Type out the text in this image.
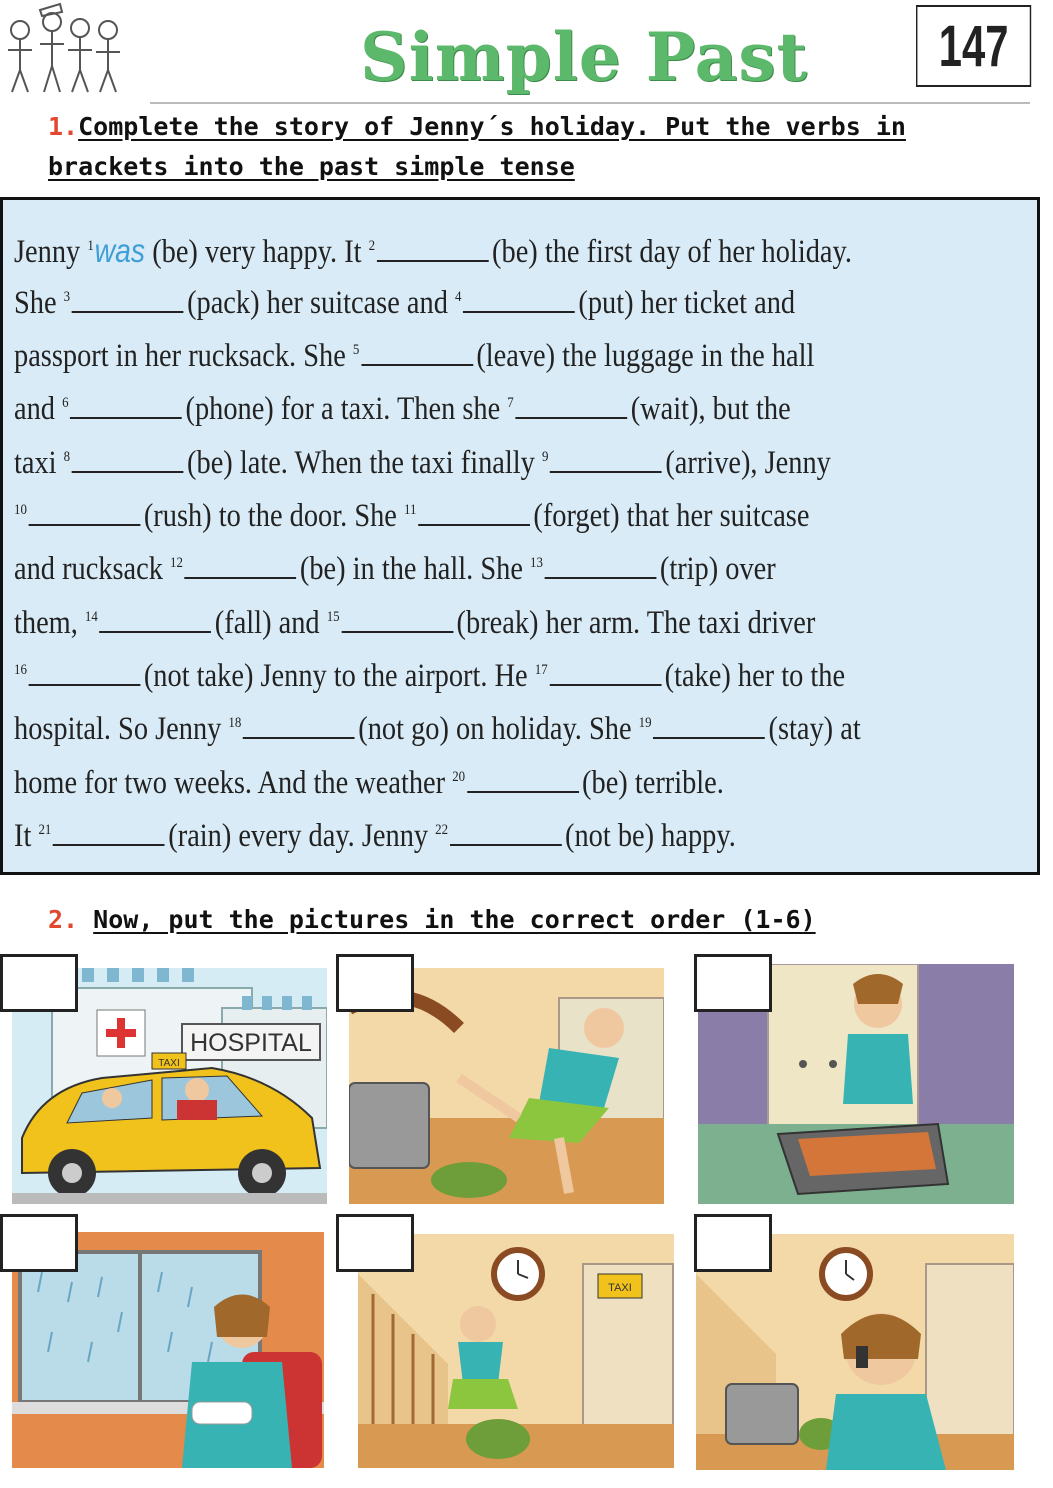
Simple Past 147
1.Complete the story of Jenny´s holiday. Put the verbs in
brackets into the past simple tense
2. Now, put the pictures in the correct order (1-6)
HOSPITAL
TAXI
TAXI
Jenny $^1$was (be) very happy. It $^2$	(be) the first day of her holiday.
She $^3$	(pack) her suitcase and $^4$	(put) her ticket and
passport in her rucksack. She $^5$	(leave) the luggage in the hall
and $^6$	(phone) for a taxi. Then she $^7$	(wait), but the
taxi $^8$	(be) late. When the taxi finally $^9$	(arrive), Jenny
$^{10}$	(rush) to the door. She $^{11}$	(forget) that her suitcase
and rucksack $^{12}$	(be) in the hall. She $^{13}$	(trip) over
them, $^{14}$	(fall) and $^{15}$	(break) her arm. The taxi driver
$^{16}$	(not take) Jenny to the airport. He $^{17}$	(take) her to the
hospital. So Jenny $^{18}$	(not go) on holiday. She $^{19}$	(stay) at
home for two weeks. And the weather $^{20}$	(be) terrible.
It $^{21}$	(rain) every day. Jenny $^{22}$	(not be) happy.
